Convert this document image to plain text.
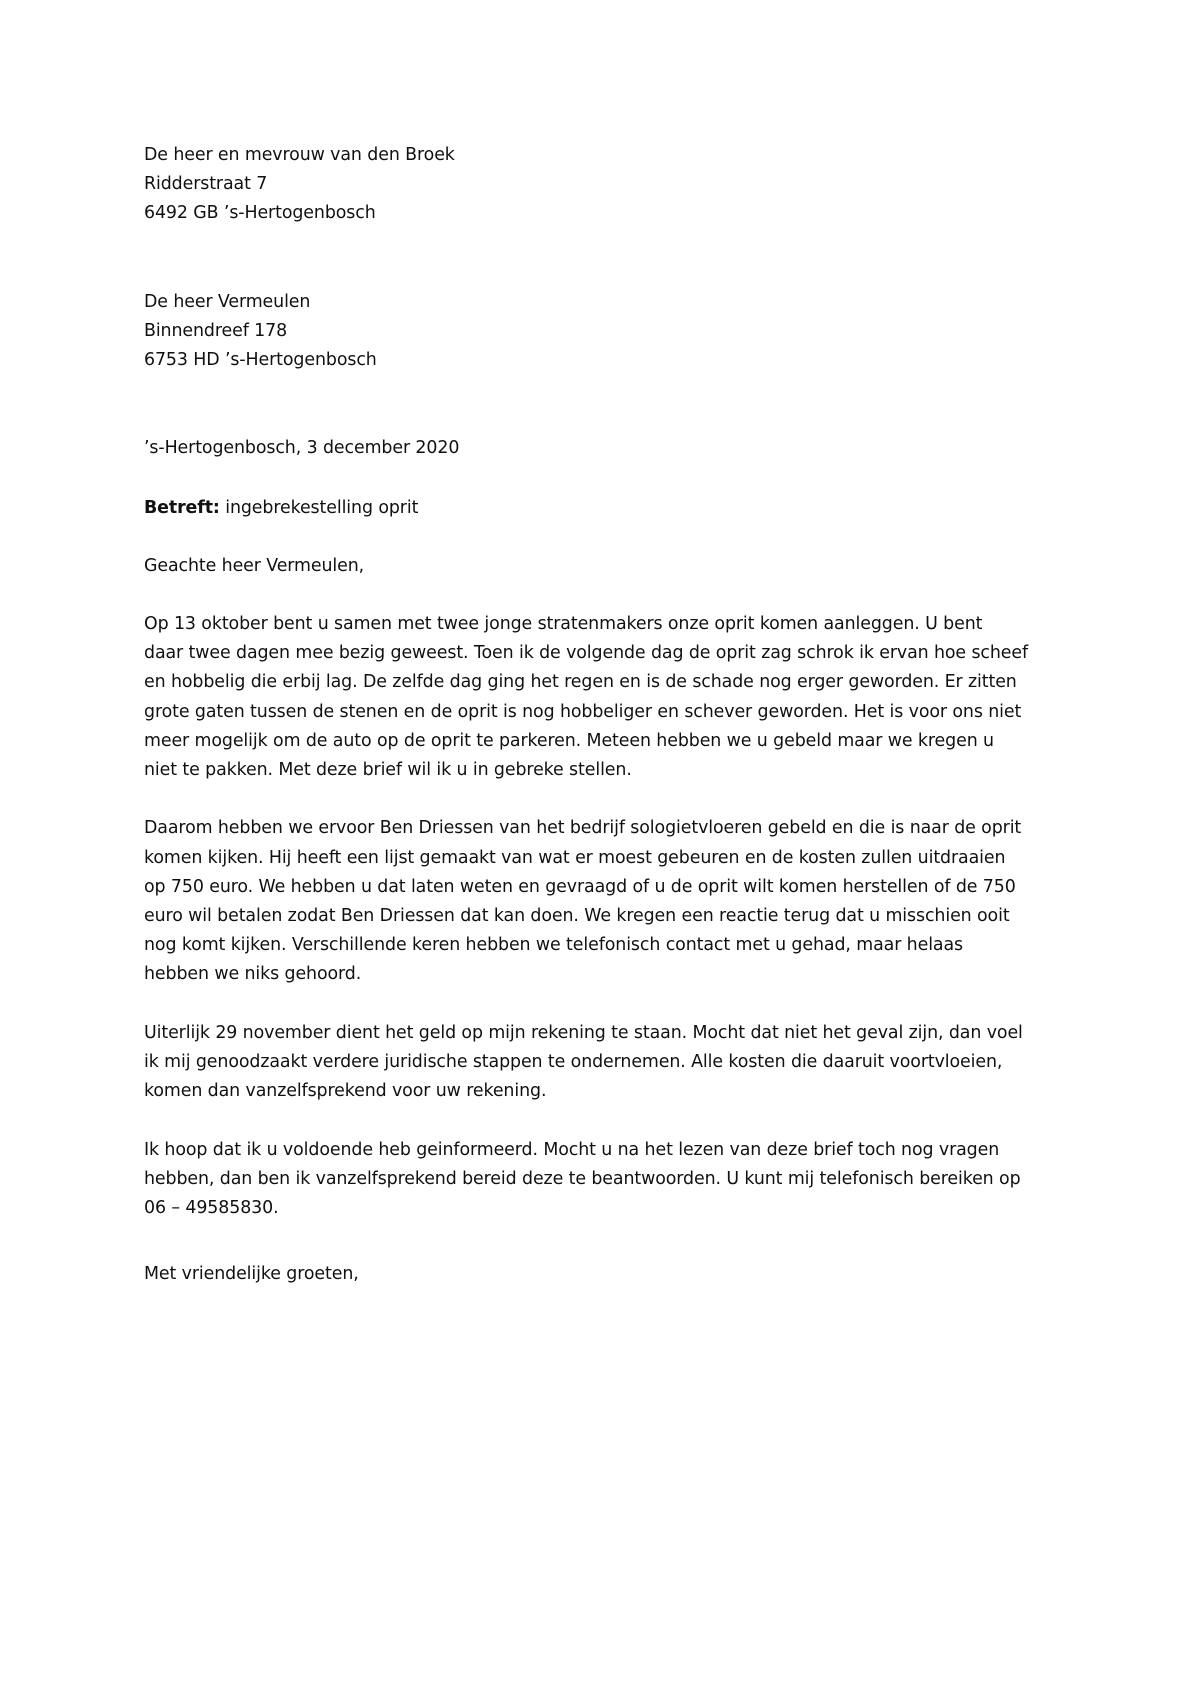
De heer en mevrouw van den Broek
Ridderstraat 7
6492 GB ’s-Hertogenbosch
De heer Vermeulen
Binnendreef 178
6753 HD ’s-Hertogenbosch
’s-Hertogenbosch, 3 december 2020
Betreft: ingebrekestelling oprit
Geachte heer Vermeulen,

Op 13 oktober bent u samen met twee jonge stratenmakers onze oprit komen aanleggen. U bent
daar twee dagen mee bezig geweest. Toen ik de volgende dag de oprit zag schrok ik ervan hoe scheef
en hobbelig die erbij lag. De zelfde dag ging het regen en is de schade nog erger geworden. Er zitten
grote gaten tussen de stenen en de oprit is nog hobbeliger en schever geworden. Het is voor ons niet
meer mogelijk om de auto op de oprit te parkeren. Meteen hebben we u gebeld maar we kregen u
niet te pakken. Met deze brief wil ik u in gebreke stellen.

Daarom hebben we ervoor Ben Driessen van het bedrijf sologietvloeren gebeld en die is naar de oprit
komen kijken. Hij heeft een lijst gemaakt van wat er moest gebeuren en de kosten zullen uitdraaien
op 750 euro. We hebben u dat laten weten en gevraagd of u de oprit wilt komen herstellen of de 750
euro wil betalen zodat Ben Driessen dat kan doen. We kregen een reactie terug dat u misschien ooit
nog komt kijken. Verschillende keren hebben we telefonisch contact met u gehad, maar helaas
hebben we niks gehoord.

Uiterlijk 29 november dient het geld op mijn rekening te staan. Mocht dat niet het geval zijn, dan voel
ik mij genoodzaakt verdere juridische stappen te ondernemen. Alle kosten die daaruit voortvloeien,
komen dan vanzelfsprekend voor uw rekening.

Ik hoop dat ik u voldoende heb geinformeerd. Mocht u na het lezen van deze brief toch nog vragen
hebben, dan ben ik vanzelfsprekend bereid deze te beantwoorden. U kunt mij telefonisch bereiken op
06 – 49585830.

Met vriendelijke groeten,
